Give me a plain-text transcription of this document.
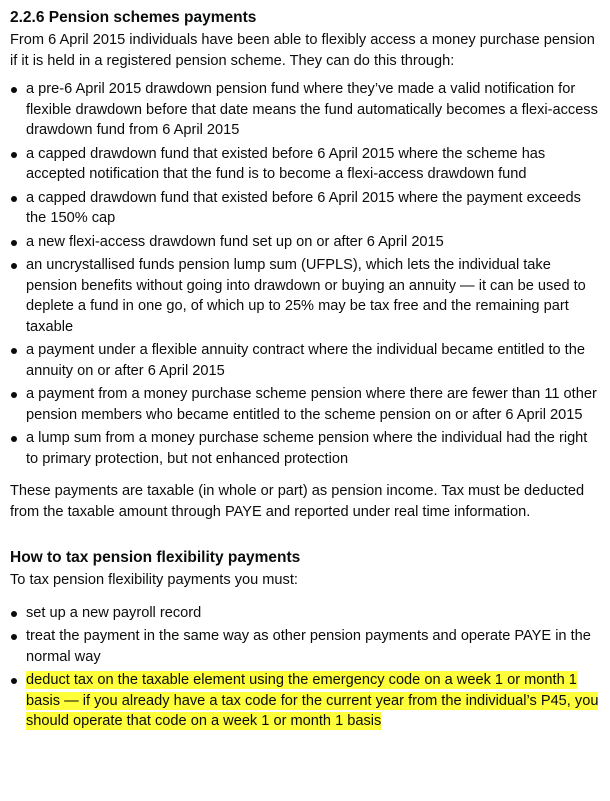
2.2.6 Pension schemes payments

From 6 April 2015 individuals have been able to flexibly access a money purchase pension if it is held in a registered pension scheme. They can do this through:

a pre-6 April 2015 drawdown pension fund where they’ve made a valid notification for flexible drawdown before that date means the fund automatically becomes a flexi-access drawdown fund from 6 April 2015
a capped drawdown fund that existed before 6 April 2015 where the scheme has accepted notification that the fund is to become a flexi-access drawdown fund
a capped drawdown fund that existed before 6 April 2015 where the payment exceeds the 150% cap
a new flexi-access drawdown fund set up on or after 6 April 2015
an uncrystallised funds pension lump sum (UFPLS), which lets the individual take pension benefits without going into drawdown or buying an annuity — it can be used to deplete a fund in one go, of which up to 25% may be tax free and the remaining part taxable
a payment under a flexible annuity contract where the individual became entitled to the annuity on or after 6 April 2015
a payment from a money purchase scheme pension where there are fewer than 11 other pension members who became entitled to the scheme pension on or after 6 April 2015
a lump sum from a money purchase scheme pension where the individual had the right to primary protection, but not enhanced protection

These payments are taxable (in whole or part) as pension income. Tax must be deducted from the taxable amount through PAYE and reported under real time information.

How to tax pension flexibility payments

To tax pension flexibility payments you must:

set up a new payroll record
treat the payment in the same way as other pension payments and operate PAYE in the normal way
deduct tax on the taxable element using the emergency code on a week 1 or month 1 basis — if you already have a tax code for the current year from the individual’s P45, you should operate that code on a week 1 or month 1 basis
